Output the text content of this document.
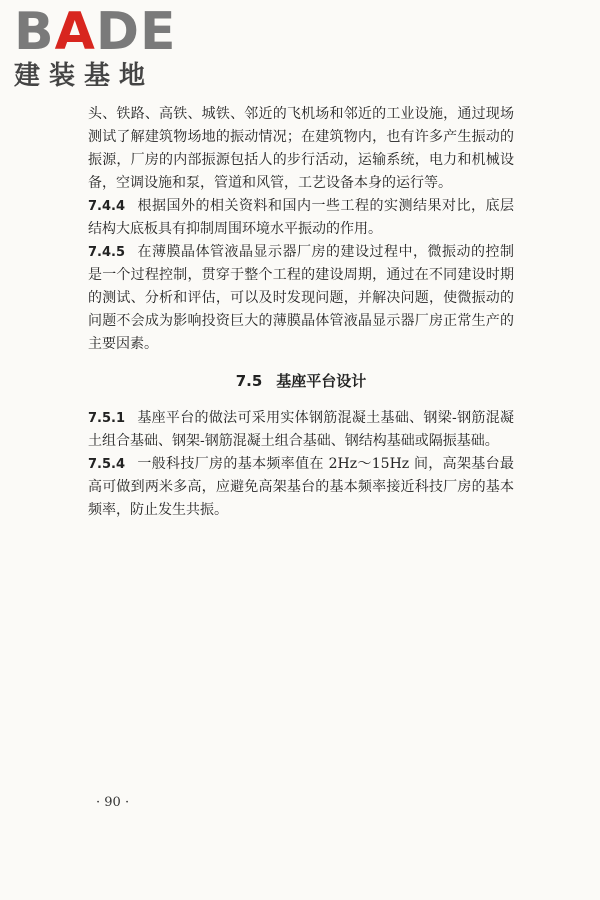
BADE
建装基地

头、铁路、高铁、城铁、邻近的飞机场和邻近的工业设施，通过现场测试了解建筑物场地的振动情况；在建筑物内，也有许多产生振动的振源，厂房的内部振源包括人的步行活动，运输系统，电力和机械设备，空调设施和泵，管道和风管，工艺设备本身的运行等。

7.4.4 根据国外的相关资料和国内一些工程的实测结果对比，底层结构大底板具有抑制周围环境水平振动的作用。

7.4.5 在薄膜晶体管液晶显示器厂房的建设过程中，微振动的控制是一个过程控制，贯穿于整个工程的建设周期，通过在不同建设时期的测试、分析和评估，可以及时发现问题，并解决问题，使微振动的问题不会成为影响投资巨大的薄膜晶体管液晶显示器厂房正常生产的主要因素。

7.5 基座平台设计

7.5.1 基座平台的做法可采用实体钢筋混凝土基础、钢梁-钢筋混凝土组合基础、钢架-钢筋混凝土组合基础、钢结构基础或隔振基础。

7.5.4 一般科技厂房的基本频率值在 2Hz～15Hz 间，高架基台最高可做到两米多高，应避免高架基台的基本频率接近科技厂房的基本频率，防止发生共振。

· 90 ·
